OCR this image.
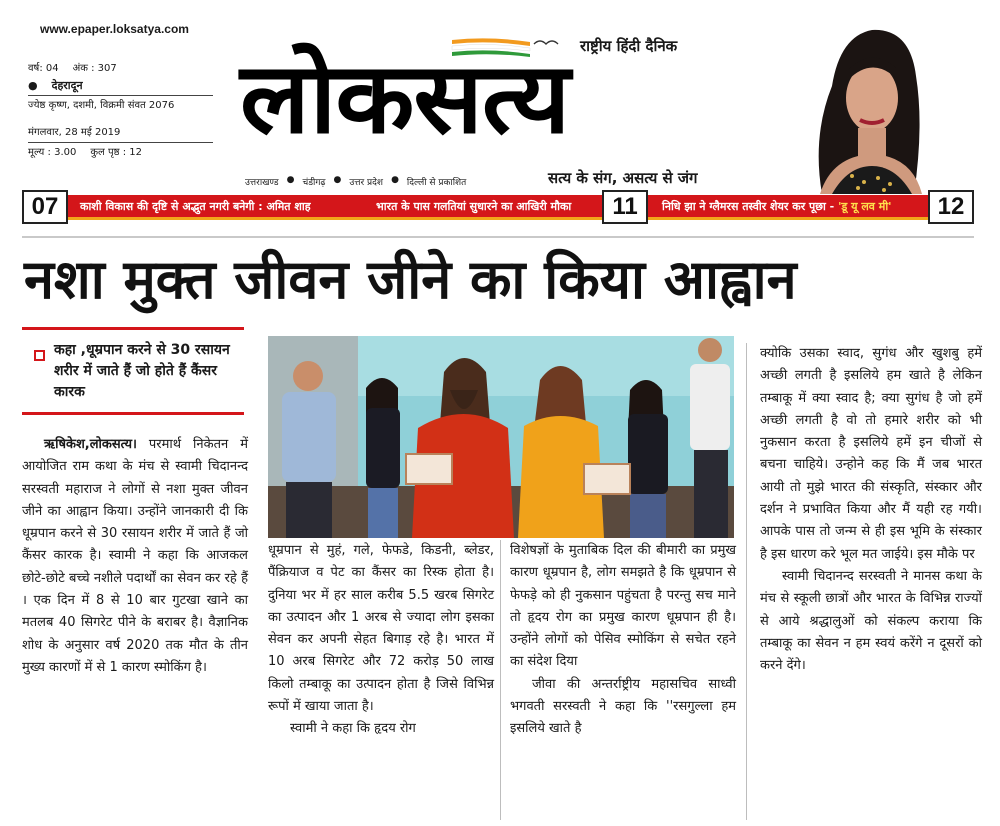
www.epaper.loksatya.com
वर्ष: 04 अंक : 307
● देहरादून
ज्येष्ठ कृष्ण, दशमी, विक्रमी संवत 2076
मंगलवार, 28 मई 2019
मूल्य : 3.00 कुल पृष्ठ : 12
राष्ट्रीय हिंदी दैनिक
लोकसत्य
उत्तराखण्ड ● चंडीगढ़ ● उत्तर प्रदेश ● दिल्ली से प्रकाशित	सत्य के संग, असत्य से जंग
07	काशी विकास की दृष्टि से अद्भुत नगरी बनेगी : अमित शाह	भारत के पास गलतियां सुधारने का आखिरी मौका	11	निधि झा ने ग्लैमरस तस्वीर शेयर कर पूछा - 'डू यू लव मी'	12
नशा मुक्त जीवन जीने का किया आह्वान

कहा ,धूम्रपान करने से 30 रसायन शरीर में जाते हैं जो होते हैं कैंसर कारक

ऋषिकेश,लोकसत्य। परमार्थ निकेतन में आयोजित राम कथा के मंच से स्वामी चिदानन्द सरस्वती महाराज ने लोगों से नशा मुक्त जीवन जीने का आह्वान किया। उन्होंने जानकारी दी कि धूम्रपान करने से 30 रसायन शरीर में जाते हैं जो कैंसर कारक है। स्वामी ने कहा कि आजकल छोटे-छोटे बच्चे नशीले पदार्थों का सेवन कर रहे हैं । एक दिन में 8 से 10 बार गुटखा खाने का मतलब 40 सिगरेट पीने के बराबर है। वैज्ञानिक शोध के अनुसार वर्ष 2020 तक मौत के तीन मुख्य कारणों में से 1 कारण स्मोकिंग है।

धूम्रपान से मुहं, गले, फेफडे, किडनी, ब्लेडर, पैंक्रियाज व पेट का कैंसर का रिस्क होता है। दुनिया भर में हर साल करीब 5.5 खरब सिगरेट का उत्पादन और 1 अरब से ज्यादा लोग इसका सेवन कर अपनी सेहत बिगाड़ रहे है। भारत में 10 अरब सिगरेट और 72 करोड़ 50 लाख किलो तम्बाकू का उत्पादन होता है जिसे विभिन्न रूपों में खाया जाता है।

स्वामी ने कहा कि हृदय रोग

विशेषज्ञों के मुताबिक दिल की बीमारी का प्रमुख कारण धूम्रपान है, लोग समझते है कि धूम्रपान से फेफड़े को ही नुकसान पहुंचता है परन्तु सच माने तो हृदय रोग का प्रमुख कारण धूम्रपान ही है। उन्होंने लोगों को पेसिव स्मोकिंग से सचेत रहने का संदेश दिया

जीवा की अन्तर्राष्ट्रीय महासचिव साध्वी भगवती सरस्वती ने कहा कि ''रसगुल्ला हम इसलिये खाते है

क्योकि उसका स्वाद, सुगंध और खुशबु हमें अच्छी लगती है इसलिये हम खाते है लेकिन तम्बाकू में क्या स्वाद है; क्या सुगंध है जो हमें अच्छी लगती है वो तो हमारे शरीर को भी नुकसान करता है इसलिये हमें इन चीजों से बचना चाहिये। उन्होने कह कि मैं जब भारत आयी तो मुझे भारत की संस्कृति, संस्कार और दर्शन ने प्रभावित किया और मैं यही रह गयी। आपके पास तो जन्म से ही इस भूमि के संस्कार है इस धारण करे भूल मत जाईये। इस मौके पर

स्वामी चिदानन्द सरस्वती ने मानस कथा के मंच से स्कूली छात्रों और भारत के विभिन्न राज्यों से आये श्रद्धालुओं को संकल्प कराया कि तम्बाकू का सेवन न हम स्वयं करेंगे न दूसरों को करने देंगे।
